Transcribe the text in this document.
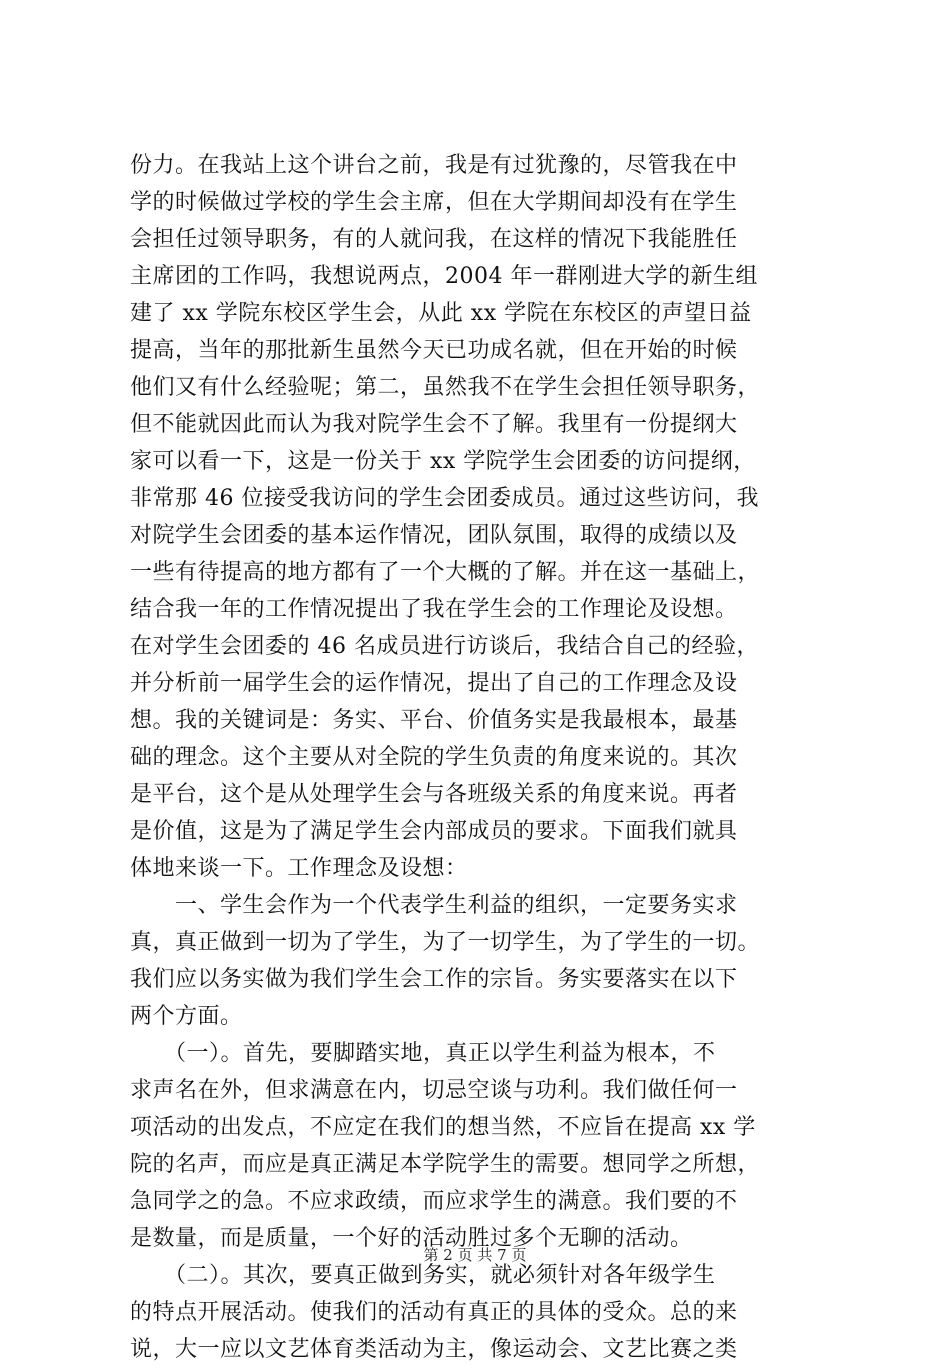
份力。在我站上这个讲台之前，我是有过犹豫的，尽管我在中
学的时候做过学校的学生会主席，但在大学期间却没有在学生
会担任过领导职务，有的人就问我，在这样的情况下我能胜任
主席团的工作吗，我想说两点，2004 年一群刚进大学的新生组
建了 xx 学院东校区学生会，从此 xx 学院在东校区的声望日益
提高，当年的那批新生虽然今天已功成名就，但在开始的时候
他们又有什么经验呢；第二，虽然我不在学生会担任领导职务，
但不能就因此而认为我对院学生会不了解。我里有一份提纲大
家可以看一下，这是一份关于 xx 学院学生会团委的访问提纲，
非常那 46 位接受我访问的学生会团委成员。通过这些访问，我
对院学生会团委的基本运作情况，团队氛围，取得的成绩以及
一些有待提高的地方都有了一个大概的了解。并在这一基础上，
结合我一年的工作情况提出了我在学生会的工作理论及设想。
在对学生会团委的 46 名成员进行访谈后，我结合自己的经验，
并分析前一届学生会的运作情况，提出了自己的工作理念及设
想。我的关键词是：务实、平台、价值务实是我最根本，最基
础的理念。这个主要从对全院的学生负责的角度来说的。其次
是平台，这个是从处理学生会与各班级关系的角度来说。再者
是价值，这是为了满足学生会内部成员的要求。下面我们就具
体地来谈一下。工作理念及设想：
　　一、学生会作为一个代表学生利益的组织，一定要务实求
真，真正做到一切为了学生，为了一切学生，为了学生的一切。
我们应以务实做为我们学生会工作的宗旨。务实要落实在以下
两个方面。
　　（一）。首先，要脚踏实地，真正以学生利益为根本，不
求声名在外，但求满意在内，切忌空谈与功利。我们做任何一
项活动的出发点，不应定在我们的想当然，不应旨在提高 xx 学
院的名声，而应是真正满足本学院学生的需要。想同学之所想，
急同学之的急。不应求政绩，而应求学生的满意。我们要的不
是数量，而是质量，一个好的活动胜过多个无聊的活动。
　　（二）。其次，要真正做到务实，就必须针对各年级学生
的特点开展活动。使我们的活动有真正的具体的受众。总的来
说，大一应以文艺体育类活动为主，像运动会、文艺比赛之类
第 2 页 共 7 页
